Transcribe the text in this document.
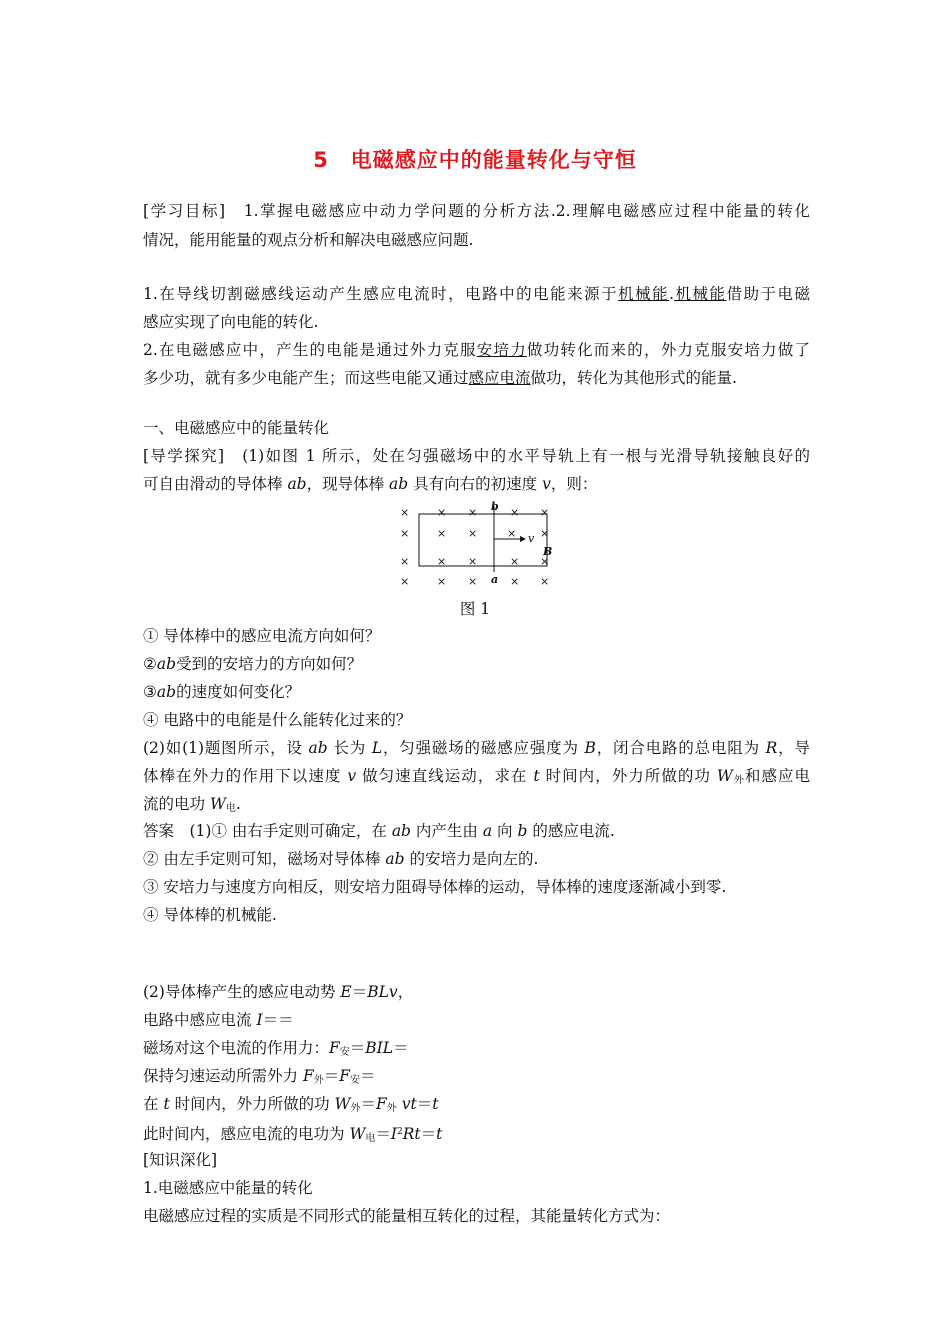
5　电磁感应中的能量转化与守恒
[学习目标]　1.掌握电磁感应中动力学问题的分析方法.2.理解电磁感应过程中能量的转化
情况，能用能量的观点分析和解决电磁感应问题.
1.在导线切割磁感线运动产生感应电流时，电路中的电能来源于机械能.机械能借助于电磁
感应实现了向电能的转化.
2.在电磁感应中，产生的电能是通过外力克服安培力做功转化而来的，外力克服安培力做了
多少功，就有多少电能产生；而这些电能又通过感应电流做功，转化为其他形式的能量.
一、电磁感应中的能量转化
[导学探究]　(1)如图 1 所示，处在匀强磁场中的水平导轨上有一根与光滑导轨接触良好的
可自由滑动的导体棒 ab，现导体棒 ab 具有向右的初速度 v，则：
×	× ×	× ×
×	× ×	× ×
×	× ×	× ×
×	× ×	× ×
b
a
v
B
图 1
① 导体棒中的感应电流方向如何？
②ab受到的安培力的方向如何？
③ab的速度如何变化？
④ 电路中的电能是什么能转化过来的？
(2)如(1)题图所示，设 ab 长为 L，匀强磁场的磁感应强度为 B，闭合电路的总电阻为 R，导
体棒在外力的作用下以速度 v 做匀速直线运动，求在 t 时间内，外力所做的功 $W_外$和感应电
流的电功 $W_电$.
答案　(1)① 由右手定则可确定，在 ab 内产生由 a 向 b 的感应电流.
② 由左手定则可知，磁场对导体棒 ab 的安培力是向左的.
③ 安培力与速度方向相反，则安培力阻碍导体棒的运动，导体棒的速度逐渐减小到零.
④ 导体棒的机械能.
(2)导体棒产生的感应电动势 E＝BLv，
电路中感应电流 I＝＝
磁场对这个电流的作用力：$F_安=BIL=$
保持匀速运动所需外力 $F_外=F_安=$
在 t 时间内，外力所做的功 $W_外=F_外$ vt＝t
此时间内，感应电流的电功为 $W_电=I^2Rt=t$
[知识深化]
1.电磁感应中能量的转化
电磁感应过程的实质是不同形式的能量相互转化的过程，其能量转化方式为：
